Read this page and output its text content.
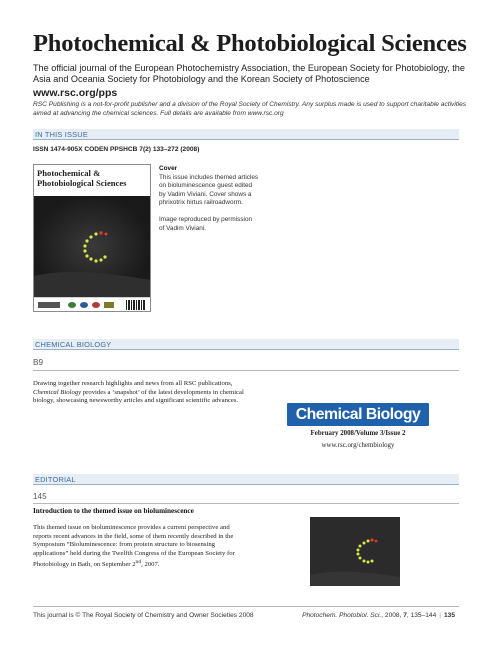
Photochemical & Photobiological Sciences
The official journal of the European Photochemistry Association, the European Society for Photobiology, the Asia and Oceania Society for Photobiology and the Korean Society of Photoscience
www.rsc.org/pps
RSC Publishing is a not-for-profit publisher and a division of the Royal Society of Chemistry. Any surplus made is used to support charitable activities aimed at advancing the chemical sciences. Full details are available from www.rsc.org
IN THIS ISSUE
ISSN 1474-905X CODEN PPSHCB 7(2) 133–272 (2008)
Photochemical & Photobiological Sciences
Cover
This issue includes themed articles on bioluminescence guest edited by Vadim Viviani. Cover shows a phrixotrix hirtus railroadworm.
Image reproduced by permission of Vadim Viviani.
CHEMICAL BIOLOGY
B9
Drawing together research highlights and news from all RSC publications, Chemical Biology provides a ‘snapshot’ of the latest developments in chemical biology, showcasing newsworthy articles and significant scientific advances.
Chemical Biology
February 2008/Volume 3/Issue 2
www.rsc.org/chembiology
EDITORIAL
145
Introduction to the themed issue on bioluminescence
This themed issue on bioluminescence provides a current perspective and reports recent advances in the field, some of them recently described in the Symposium “Bioluminescence: from protein structure to biosensing applications” held during the Twelfth Congress of the European Society for Photobiology in Bath, on September 2nd, 2007.
This journal is © The Royal Society of Chemistry and Owner Societies 2008	Photochem. Photobiol. Sci., 2008, 7, 135–144 | 135
